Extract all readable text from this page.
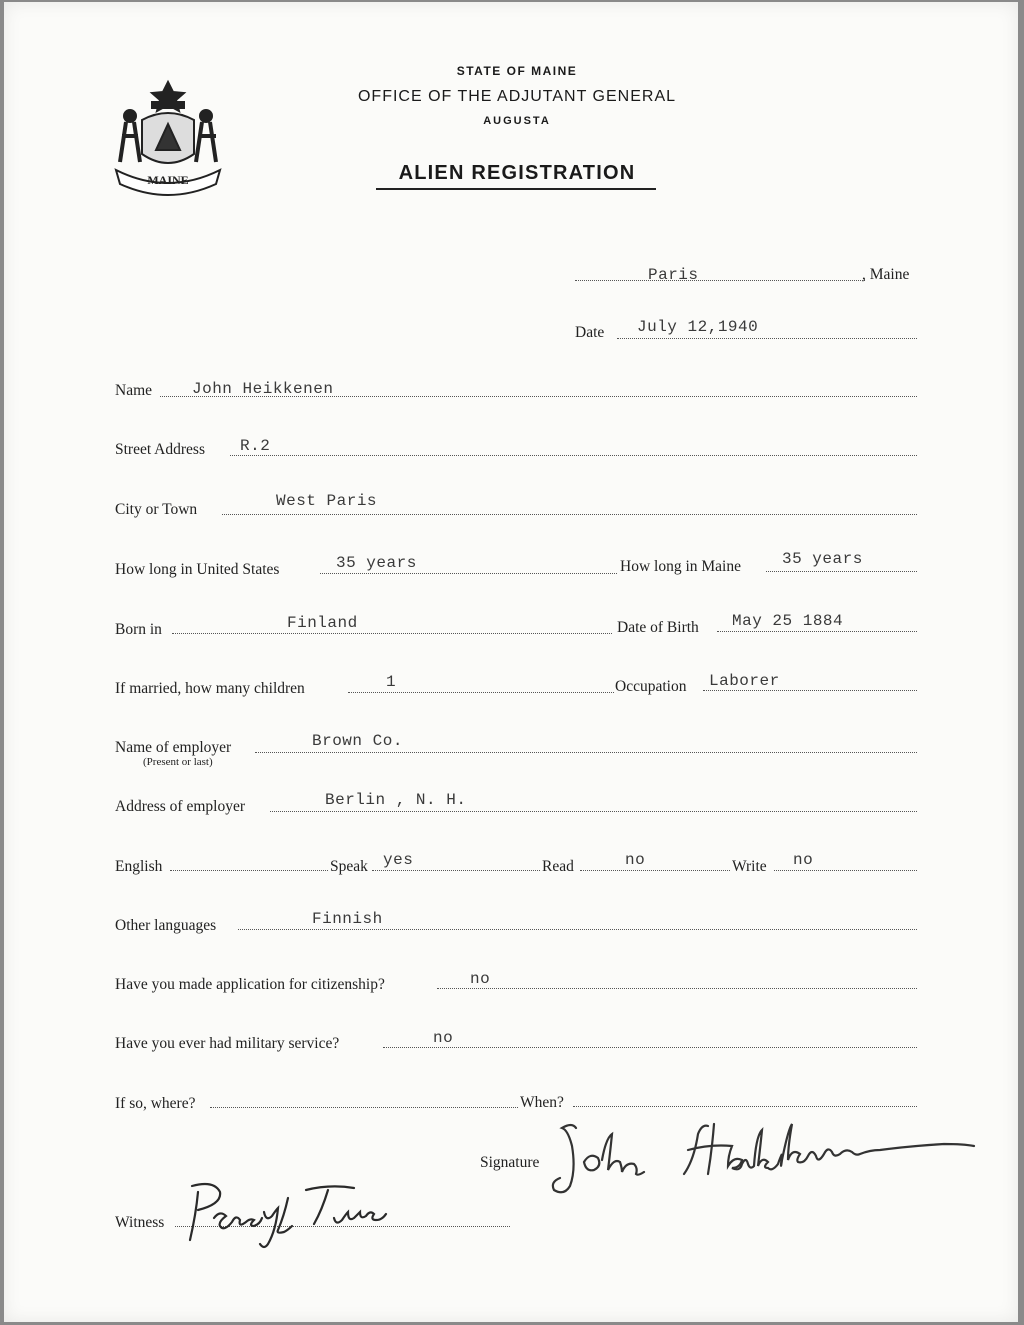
MAINE
STATE OF MAINE
OFFICE OF THE ADJUTANT GENERAL
AUGUSTA
ALIEN REGISTRATION
Paris	, Maine
Date July 12,1940
Name John Heikkenen
Street Address R.2
City or Town	West Paris
How long in United States	35 years	How long in Maine	35 years
Born in	Finland	Date of Birth May 25 1884
If married, how many children	1	Occupation Laborer
Name of employer
(Present or last)
Brown Co.
Address of employer	Berlin , N. H.
English	Speak yes	Read	no	Write no
Other languages	Finnish
Have you made application for citizenship?	no
Have you ever had military service?	no
If so, where?	When?
Signature
Witness
